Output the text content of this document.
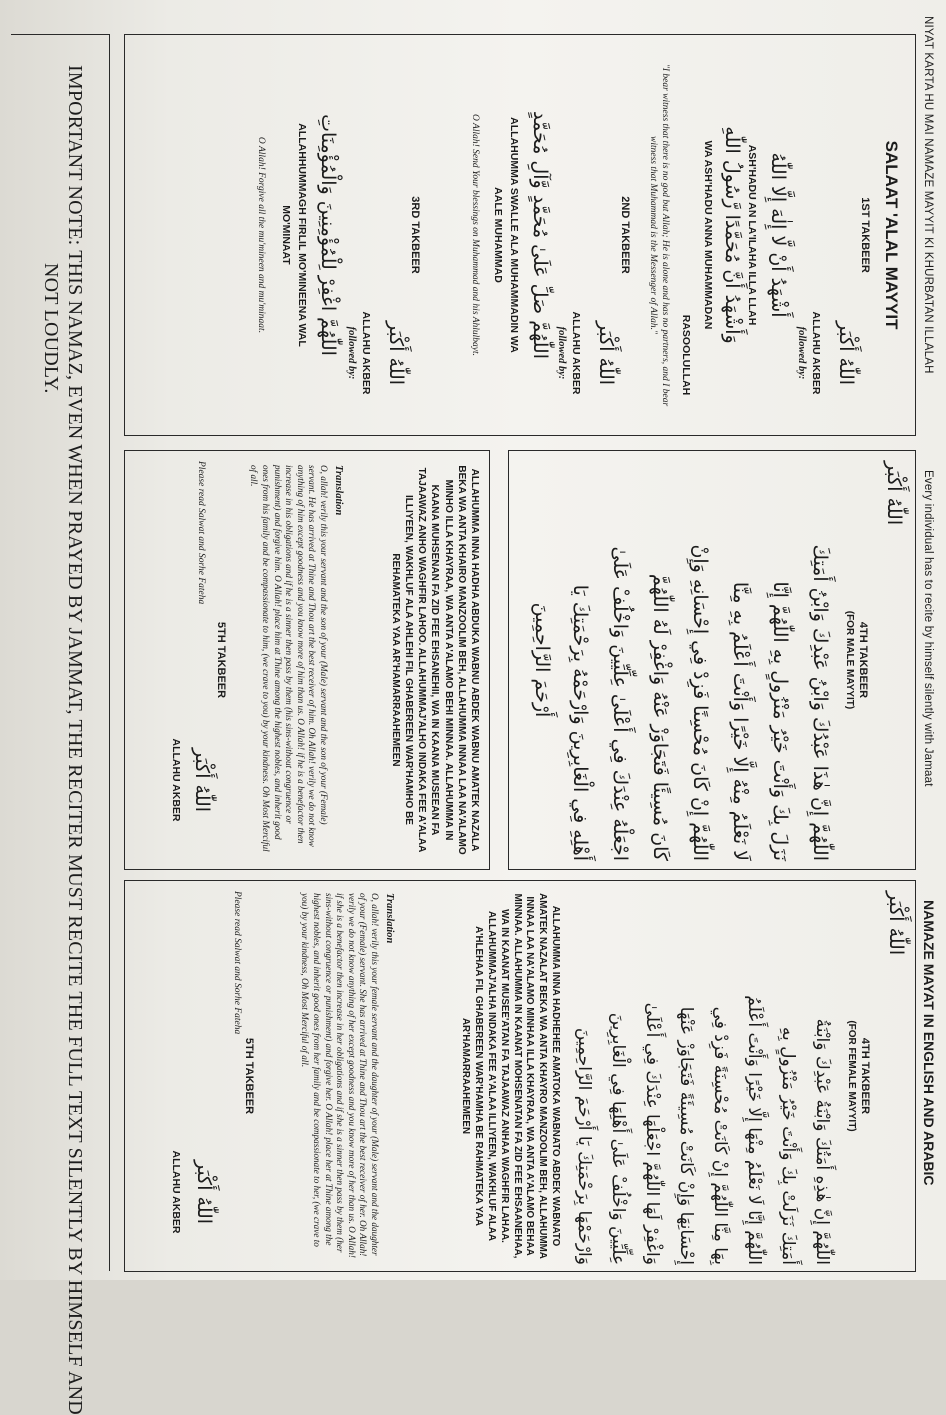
NIYAT KARTA HU MAI NAMAZE MAYYIT KI KHURBATAN ILLALAH
Every individual has to recite by himself silently with Jamaat
NAMAZE MAYAT IN ENGLISH AND ARABIC
SALAAT 'ALAL MAYYIT
1ST TAKBEER
اللّٰهُ أَكْبَر
ALLAHU AKBER
followed by:
أَشْهَدُ أَنْ لَّا إِلٰهَ إِلَّا اللّٰهُ
ASH'HADU AN LA'ILAHA ILLA LLAH
وَأَشْهَدُ أَنَّ مُحَمَّدًا رَّسُولُ اللّٰهِ
WA ASH'HADU ANNA MUHAMMADAN
RASOOLULLAH
"I bear witness that there is no god but Allah; He is alone and has no partners, and I bear witness that Muhammad is the Messenger of Allah."
2ND TAKBEER
اللّٰهُ أَكْبَر
ALLAHU AKBER
followed by:
اللّٰهُمَّ صَلِّ عَلَىٰ مُحَمَّدٍ وَّآلِ مُحَمَّدٍ
ALLAHUMMA SWALLE ALA MUHAMMADIN WA
AALE MUHAMMAD
O Allah! Send Your blessings on Muhammad and his Ahlulbayt.
3RD TAKBEER
اللّٰهُ أَكْبَر
ALLAHU AKBER
followed by:
اللّٰهُمَّ اغْفِرْ لِلْمُؤْمِنِينَ وَالْمُؤْمِنَاتِ
ALLAHHUMMAGH FIRLIL MO'MINEENA WAL
MO'MINAAT
O Allah! Forgive all the mu'mineen and mu'minaat.
اللّٰهُ أَكْبَر
4TH TAKBEER
(FOR MALE MAYYIT)
اللّٰهُمَّ إِنَّ هٰذَا عَبْدُكَ وَابْنُ عَبْدِكَ وَابْنُ أَمَتِكَ
نَزَلَ بِكَ وَأَنْتَ خَيْرُ مَنْزُولٍ بِهِ اللّٰهُمَّ إِنَّا
لَا نَعْلَمُ مِنْهُ إِلَّا خَيْرًا وَأَنْتَ أَعْلَمُ بِهِ مِنَّا
اللّٰهُمَّ إِنْ كَانَ مُحْسِنًا فَزِدْ فِي إِحْسَانِهِ وَإِنْ
كَانَ مُسِيئًا فَتَجَاوَزْ عَنْهُ وَاغْفِرْ لَهُ اللّٰهُمَّ
اجْعَلْهُ عِنْدَكَ فِي أَعْلَىٰ عِلِّيِّينَ وَاخْلُفْ عَلَىٰ
أَهْلِهِ فِي الْغَابِرِينَ وَارْحَمْهُ بِرَحْمَتِكَ يَا
أَرْحَمَ الرَّاحِمِينَ
ALLAHUMMA INNA HADHA ABDUKA WABNU ABDEK WABNU AMATEK NAZALA BEKA WA ANTA KHAIRO MANZOOLIM BEH, ALLAHUMMA INNAA LAA NA'ALAMO MINHO ILLA KHAYRAA, WA ANTA A'ALAMO BEHI MINNAA. ALLAHUMMA IN KAANA MUHSENAN FA ZID FEE EHSANEHII, WA IN KAANA MUSEEAN FA TAJAAWAZ ANHO WAGHFIR LAHOO. ALLAHUMMAJ'ALHO INDAKA FEE A'ALAA ILLIYEEN, WAKHLUF ALA AHLEHI FIL GHABEREEN WAR'HAMHO BE REHAMATEKA YAA AR'HAMARRAAHEMEEN
Translation
O, allah! verily this your servant and the son of your (Male) servant and the son of your (Female) servant. He has arrived at Thine and Thou art the best receiver of him. Oh Allah! verily we do not know anything of him except goodness and you know more of him than us. O Allah! if he is a benefactor then increase in his obligations and if he is a sinner then pass by them (his sins-without congruence or punishment) and forgive him. O Allah! place him at Thine among the highest nobles, and inherit good ones from his family and be compassionate to him, (we crave to you) by your kindness. Oh Most Merciful of all.
5TH TAKBEER
اللّٰهُ أَكْبَر
ALLAHU AKBER
Please read Salwat and Sorhe Fateha
اللّٰهُ أَكْبَر
4TH TAKBEER
(FOR FEMALE MAYYIT)
اللّٰهُمَّ إِنَّ هٰذِهِ أَمَتُكَ وَابْنَةُ عَبْدِكَ وَابْنَةُ
أَمَتِكَ نَزَلَتْ بِكَ وَأَنْتَ خَيْرُ مَنْزُولٍ بِهِ
اللّٰهُمَّ إِنَّا لَا نَعْلَمُ مِنْهَا إِلَّا خَيْرًا وَأَنْتَ أَعْلَمُ
بِهَا مِنَّا اللّٰهُمَّ إِنْ كَانَتْ مُحْسِنَةً فَزِدْ فِي
إِحْسَانِهَا وَإِنْ كَانَتْ مُسِيئَةً فَتَجَاوَزْ عَنْهَا
وَاغْفِرْ لَهَا اللّٰهُمَّ اجْعَلْهَا عِنْدَكَ فِي أَعْلَىٰ
عِلِّيِّينَ وَاخْلُفْ عَلَىٰ أَهْلِهَا فِي الْغَابِرِينَ
وَارْحَمْهَا بِرَحْمَتِكَ يَا أَرْحَمَ الرَّاحِمِينَ
ALLAHUMMA INNA HADHEHEE AMATOKA WABNATO ABDEK WABNATO AMATEK NAZALAT BEKA WA ANTA KHAYRO MANZOOLIM BEH, ALLAHUMMA INNAA LAA NA'ALAMO MINHAA ILLA KHAYRAA, WA ANTA A'ALAMO BEHAA MINNAA. ALLAHUMMA IN KAANAT MOHSENATAN FA ZID FEE EHSAANEHAA, WA IN KAANAT MUSEE'ATAN FA TAJAAWAZ ANHAA WAGHFIR LAHAA. ALLAHUMMAJ'ALHA INDAKA FEE A'ALAA ILLIYEEN, WAKHLUF ALAA A'HLEHAA FIL GHABEREEN WAR'HAMHA BE RAHMATEKA YAA AR'HAMARRAAHEMEEN
Translation
O, allah! verily this your female servant and the daughter of your (Male) servant and the daughter of your (Female) servant. She has arrived at Thine and Thou art the best receiver of her. Oh Allah! verily we do not know anything of her except goodness and you know more of her than us. O Allah! if she is a benefactor then increase in her obligations and if she is a sinner then pass by them (her sins-without congruence or punishment) and forgive her. O Allah! place her at Thine among the highest nobles, and inherit good ones from her family and be compassionate to her, (we crave to you) by your kindness, Oh Most Merciful of all.
5TH TAKBEER
اللّٰهُ أَكْبَر
ALLAHU AKBER
Please read Salwat and Sorhe Fateha
IMPORTANT NOTE: THIS NAMAZ, EVEN WHEN PRAYED BY JAMMAT, THE RECITER MUST RECITE THE FULL TEXT SILENTLY BY HIMSELF AND
NOT LOUDLY.
